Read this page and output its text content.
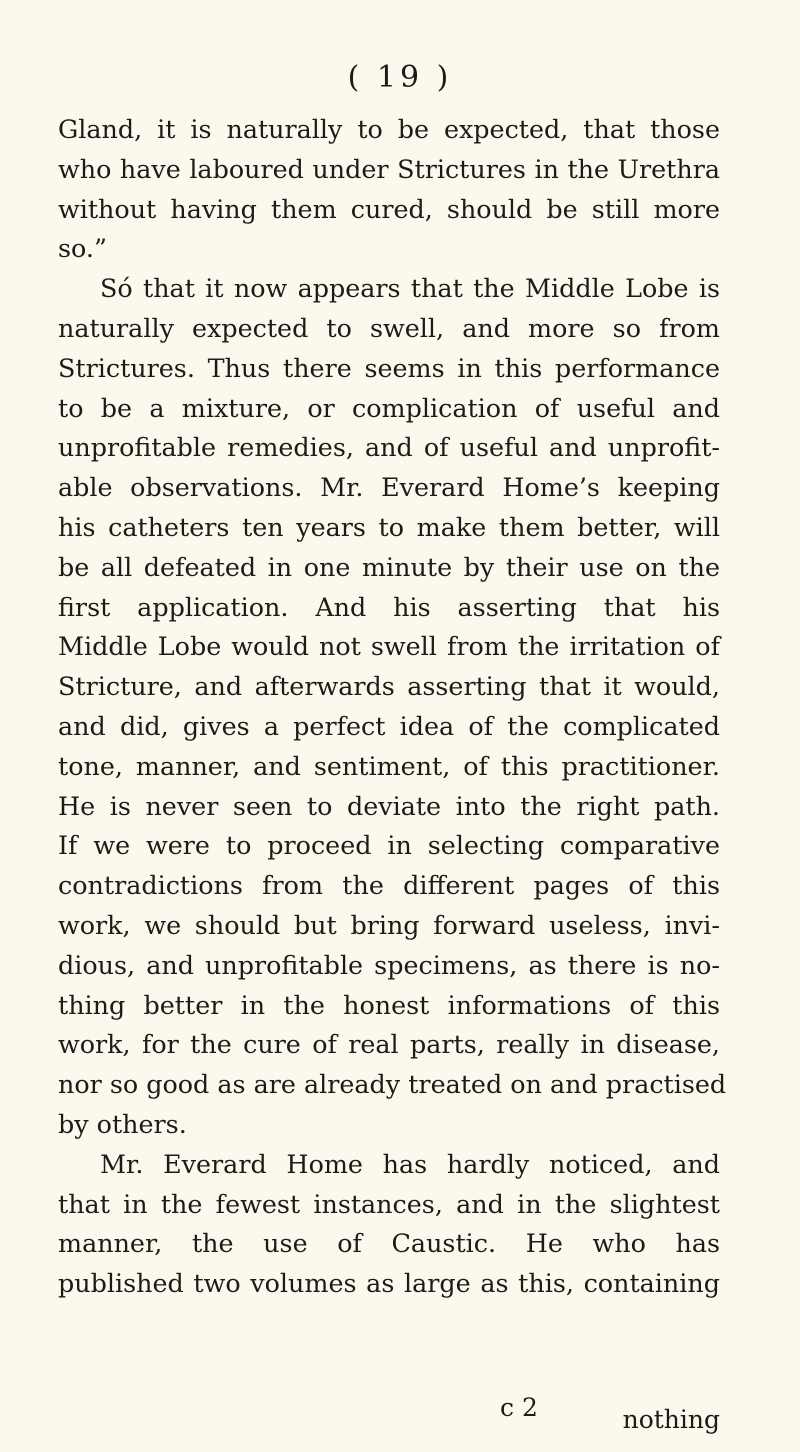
( 19 )
Gland, it is naturally to be expected, that those
who have laboured under Strictures in the Urethra
without having them cured, should be still more
so.”
Só that it now appears that the Middle Lobe is
naturally expected to swell, and more so from
Strictures. Thus there seems in this performance
to be a mixture, or complication of useful and
unprofitable remedies, and of useful and unprofit-
able observations. Mr. Everard Home’s keeping
his catheters ten years to make them better, will
be all defeated in one minute by their use on the
first application. And his asserting that his
Middle Lobe would not swell from the irritation of
Stricture, and afterwards asserting that it would,
and did, gives a perfect idea of the complicated
tone, manner, and sentiment, of this practitioner.
He is never seen to deviate into the right path.
If we were to proceed in selecting comparative
contradictions from the different pages of this
work, we should but bring forward useless, invi-
dious, and unprofitable specimens, as there is no-
thing better in the honest informations of this
work, for the cure of real parts, really in disease,
nor so good as are already treated on and practised
by others.
Mr. Everard Home has hardly noticed, and
that in the fewest instances, and in the slightest
manner, the use of Caustic. He who has
published two volumes as large as this, containing
c 2	nothing
